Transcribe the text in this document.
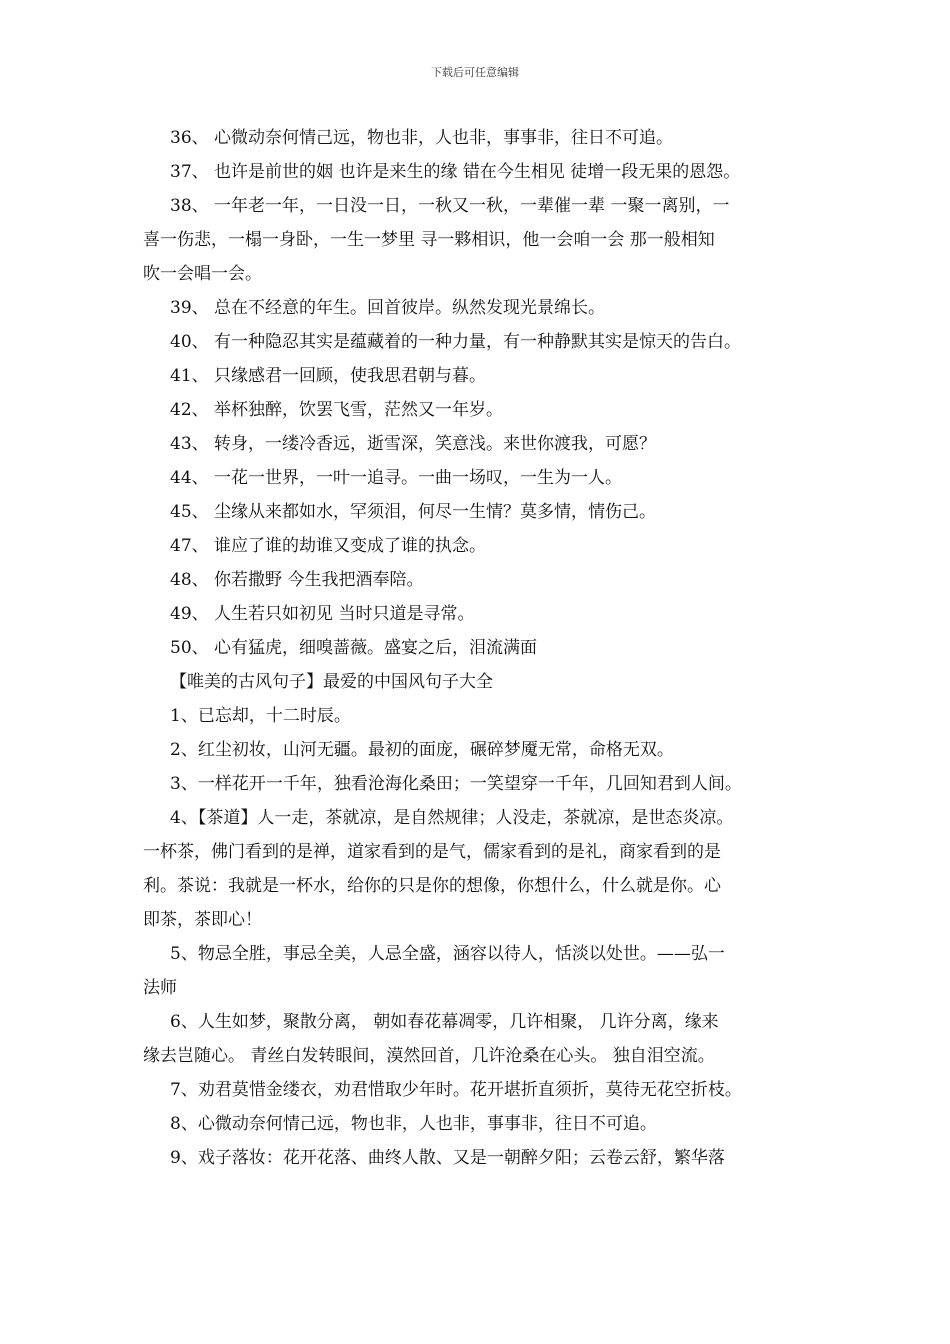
下载后可任意编辑

36、 心微动奈何情己远，物也非，人也非，事事非，往日不可追。

37、 也许是前世的姻 也许是来生的缘 错在今生相见 徒增一段无果的恩怨。

38、 一年老一年，一日没一日，一秋又一秋，一辈催一辈 一聚一离别，一

喜一伤悲，一榻一身卧，一生一梦里 寻一夥相识，他一会咱一会 那一般相知

吹一会唱一会。

39、 总在不经意的年生。回首彼岸。纵然发现光景绵长。

40、 有一种隐忍其实是蕴藏着的一种力量，有一种静默其实是惊天的告白。

41、 只缘感君一回顾，使我思君朝与暮。

42、 举杯独醉，饮罢飞雪，茫然又一年岁。

43、 转身，一缕冷香远，逝雪深，笑意浅。来世你渡我，可愿？

44、 一花一世界，一叶一追寻。一曲一场叹，一生为一人。

45、 尘缘从来都如水，罕须泪，何尽一生情？莫多情，情伤己。

47、 谁应了谁的劫谁又变成了谁的执念。

48、 你若撒野 今生我把酒奉陪。

49、 人生若只如初见 当时只道是寻常。

50、 心有猛虎，细嗅蔷薇。盛宴之后，泪流满面

【唯美的古风句子】最爱的中国风句子大全

1、已忘却，十二时辰。

2、红尘初妆，山河无疆。最初的面庞，碾碎梦魇无常，命格无双。

3、一样花开一千年，独看沧海化桑田；一笑望穿一千年，几回知君到人间。

4、【茶道】人一走，茶就凉，是自然规律；人没走，茶就凉，是世态炎凉。

一杯茶，佛门看到的是禅，道家看到的是气，儒家看到的是礼，商家看到的是

利。茶说：我就是一杯水，给你的只是你的想像，你想什么，什么就是你。心

即茶，茶即心！

5、物忌全胜，事忌全美，人忌全盛，涵容以待人，恬淡以处世。——弘一

法师

6、人生如梦，聚散分离， 朝如春花幕凋零，几许相聚， 几许分离，缘来

缘去岂随心。 青丝白发转眼间，漠然回首，几许沧桑在心头。 独自泪空流。

7、劝君莫惜金缕衣，劝君惜取少年时。花开堪折直须折，莫待无花空折枝。

8、心微动奈何情己远，物也非，人也非，事事非，往日不可追。

9、戏子落妆：花开花落、曲终人散、又是一朝醉夕阳；云卷云舒，繁华落
